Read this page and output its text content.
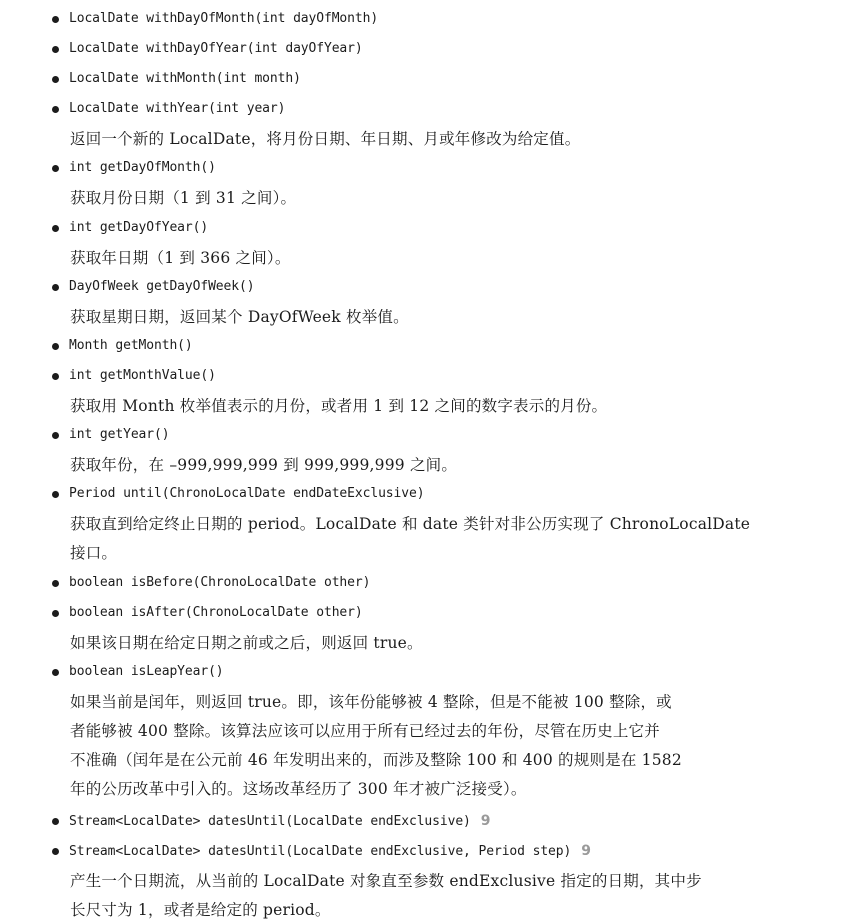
LocalDate withDayOfMonth(int dayOfMonth)
LocalDate withDayOfYear(int dayOfYear)
LocalDate withMonth(int month)
LocalDate withYear(int year)
返回一个新的 LocalDate，将月份日期、年日期、月或年修改为给定值。
int getDayOfMonth()
获取月份日期（1 到 31 之间）。
int getDayOfYear()
获取年日期（1 到 366 之间）。
DayOfWeek getDayOfWeek()
获取星期日期，返回某个 DayOfWeek 枚举值。
Month getMonth()
int getMonthValue()
获取用 Month 枚举值表示的月份，或者用 1 到 12 之间的数字表示的月份。
int getYear()
获取年份，在 –999,999,999 到 999,999,999 之间。
Period until(ChronoLocalDate endDateExclusive)
获取直到给定终止日期的 period。LocalDate 和 date 类针对非公历实现了 ChronoLocalDate
接口。
boolean isBefore(ChronoLocalDate other)
boolean isAfter(ChronoLocalDate other)
如果该日期在给定日期之前或之后，则返回 true。
boolean isLeapYear()
如果当前是闰年，则返回 true。即，该年份能够被 4 整除，但是不能被 100 整除，或
者能够被 400 整除。该算法应该可以应用于所有已经过去的年份，尽管在历史上它并
不准确（闰年是在公元前 46 年发明出来的，而涉及整除 100 和 400 的规则是在 1582
年的公历改革中引入的。这场改革经历了 300 年才被广泛接受）。
Stream<LocalDate> datesUntil(LocalDate endExclusive) 9
Stream<LocalDate> datesUntil(LocalDate endExclusive, Period step) 9
产生一个日期流，从当前的 LocalDate 对象直至参数 endExclusive 指定的日期，其中步
长尺寸为 1，或者是给定的 period。
